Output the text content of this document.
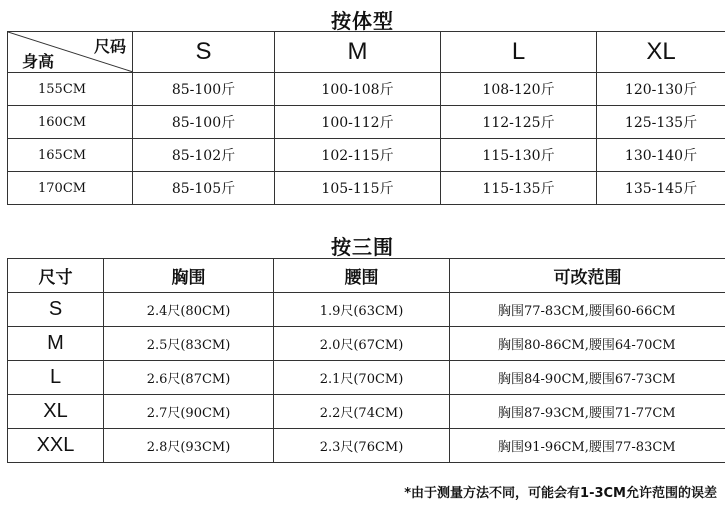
按体型
尺码
身高	S	M	L	XL
155CM	85-100斤	100-108斤	108-120斤	120-130斤
160CM	85-100斤	100-112斤	112-125斤	125-135斤
165CM	85-102斤	102-115斤	115-130斤	130-140斤
170CM	85-105斤	105-115斤	115-135斤	135-145斤
按三围
尺寸	胸围	腰围	可改范围
S	2.4尺(80CM)	1.9尺(63CM)	胸围77-83CM,腰围60-66CM
M	2.5尺(83CM)	2.0尺(67CM)	胸围80-86CM,腰围64-70CM
L	2.6尺(87CM)	2.1尺(70CM)	胸围84-90CM,腰围67-73CM
XL	2.7尺(90CM)	2.2尺(74CM)	胸围87-93CM,腰围71-77CM
XXL	2.8尺(93CM)	2.3尺(76CM)	胸围91-96CM,腰围77-83CM
*由于测量方法不同，可能会有1-3CM允许范围的误差
